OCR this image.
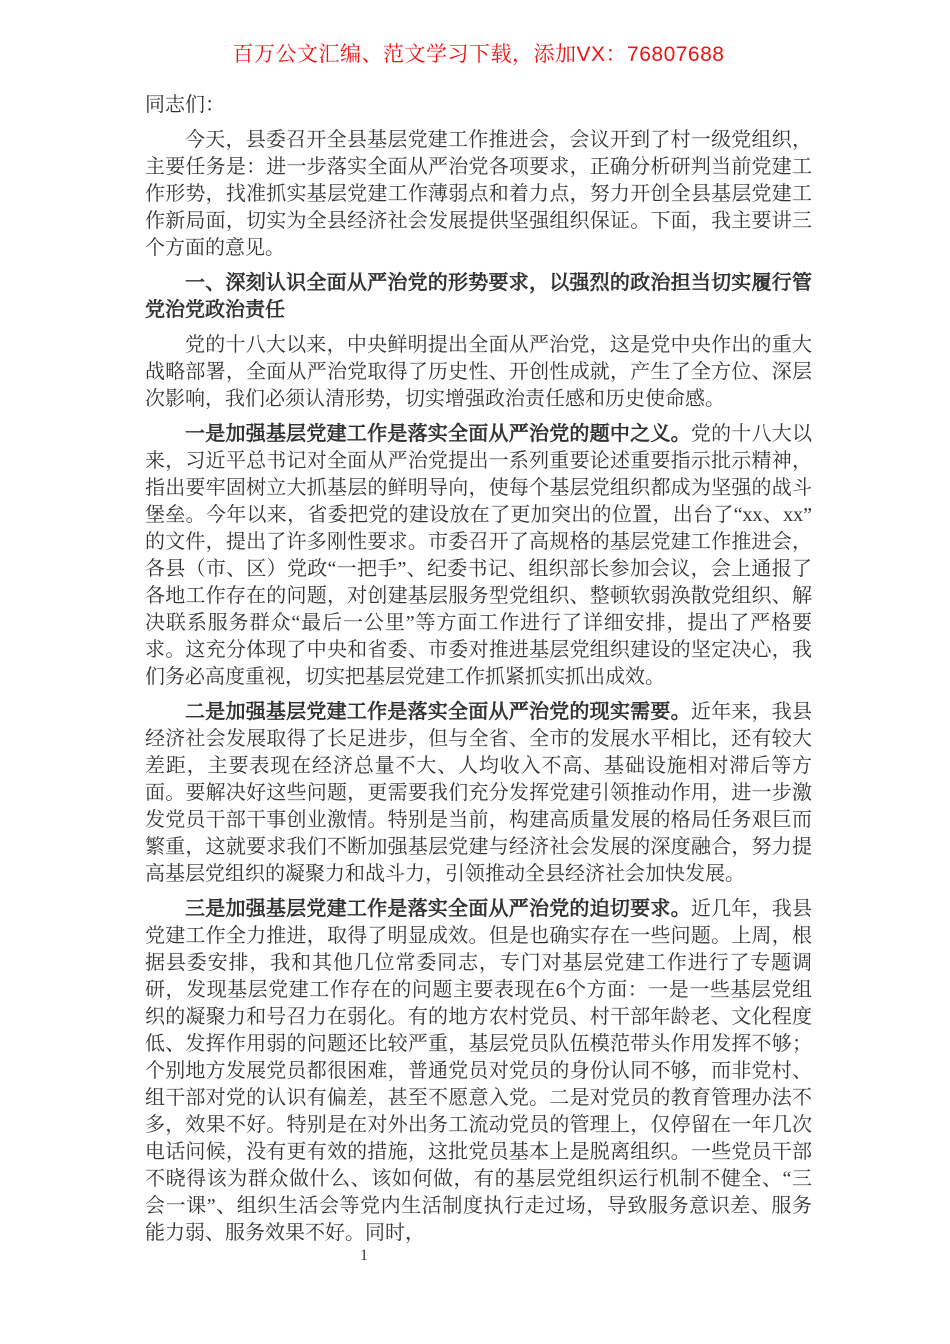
百万公文汇编、范文学习下载，添加VX：76807688

同志们：

今天，县委召开全县基层党建工作推进会，会议开到了村一级党组织，主要任务是：进一步落实全面从严治党各项要求，正确分析研判当前党建工作形势，找准抓实基层党建工作薄弱点和着力点，努力开创全县基层党建工作新局面，切实为全县经济社会发展提供坚强组织保证。下面，我主要讲三个方面的意见。

一、深刻认识全面从严治党的形势要求，以强烈的政治担当切实履行管党治党政治责任

党的十八大以来，中央鲜明提出全面从严治党，这是党中央作出的重大战略部署，全面从严治党取得了历史性、开创性成就，产生了全方位、深层次影响，我们必须认清形势，切实增强政治责任感和历史使命感。

一是加强基层党建工作是落实全面从严治党的题中之义。党的十八大以来，习近平总书记对全面从严治党提出一系列重要论述重要指示批示精神，指出要牢固树立大抓基层的鲜明导向，使每个基层党组织都成为坚强的战斗堡垒。今年以来，省委把党的建设放在了更加突出的位置，出台了“xx、xx”的文件，提出了许多刚性要求。市委召开了高规格的基层党建工作推进会，各县（市、区）党政“一把手”、纪委书记、组织部长参加会议，会上通报了各地工作存在的问题，对创建基层服务型党组织、整顿软弱涣散党组织、解决联系服务群众“最后一公里”等方面工作进行了详细安排，提出了严格要求。这充分体现了中央和省委、市委对推进基层党组织建设的坚定决心，我们务必高度重视，切实把基层党建工作抓紧抓实抓出成效。

二是加强基层党建工作是落实全面从严治党的现实需要。近年来，我县经济社会发展取得了长足进步，但与全省、全市的发展水平相比，还有较大差距，主要表现在经济总量不大、人均收入不高、基础设施相对滞后等方面。要解决好这些问题，更需要我们充分发挥党建引领推动作用，进一步激发党员干部干事创业激情。特别是当前，构建高质量发展的格局任务艰巨而繁重，这就要求我们不断加强基层党建与经济社会发展的深度融合，努力提高基层党组织的凝聚力和战斗力，引领推动全县经济社会加快发展。

三是加强基层党建工作是落实全面从严治党的迫切要求。近几年，我县党建工作全力推进，取得了明显成效。但是也确实存在一些问题。上周，根据县委安排，我和其他几位常委同志，专门对基层党建工作进行了专题调研，发现基层党建工作存在的问题主要表现在6个方面：一是一些基层党组织的凝聚力和号召力在弱化。有的地方农村党员、村干部年龄老、文化程度低、发挥作用弱的问题还比较严重，基层党员队伍模范带头作用发挥不够；个别地方发展党员都很困难，普通党员对党员的身份认同不够，而非党村、组干部对党的认识有偏差，甚至不愿意入党。二是对党员的教育管理办法不多，效果不好。特别是在对外出务工流动党员的管理上，仅停留在一年几次电话问候，没有更有效的措施，这批党员基本上是脱离组织。一些党员干部不晓得该为群众做什么、该如何做，有的基层党组织运行机制不健全、“三会一课”、组织生活会等党内生活制度执行走过场，导致服务意识差、服务能力弱、服务效果不好。同时，

1
